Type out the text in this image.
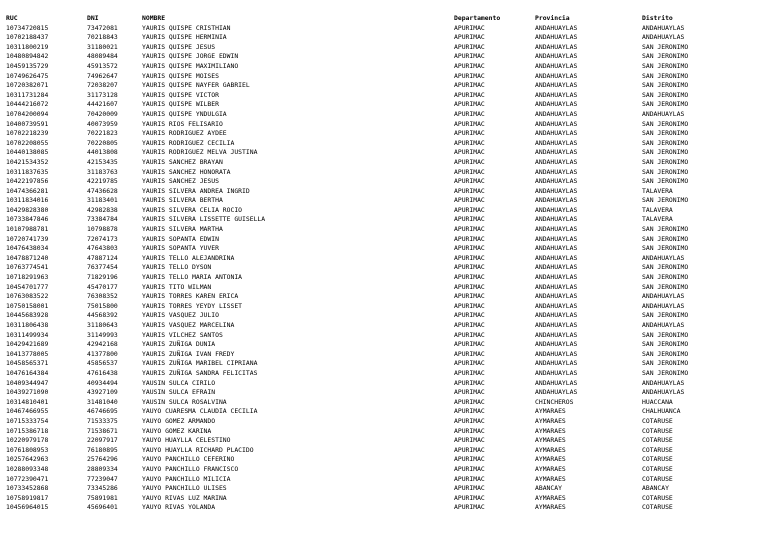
RUC	DNI	NOMBRE	Departamento	Provincia	Distrito
10734720815	73472081	YAURIS QUISPE CRISTHIAN	APURIMAC	ANDAHUAYLAS	ANDAHUAYLAS
10702188437	70218843	YAURIS QUISPE HERMINIA	APURIMAC	ANDAHUAYLAS	ANDAHUAYLAS
10311800219	31180021	YAURIS QUISPE JESUS	APURIMAC	ANDAHUAYLAS	SAN JERONIMO
10480894842	48089484	YAURIS QUISPE JORGE EDWIN	APURIMAC	ANDAHUAYLAS	SAN JERONIMO
10459135729	45913572	YAURIS QUISPE MAXIMILIANO	APURIMAC	ANDAHUAYLAS	SAN JERONIMO
10749626475	74962647	YAURIS QUISPE MOISES	APURIMAC	ANDAHUAYLAS	SAN JERONIMO
10720382071	72038207	YAURIS QUISPE NAYFER GABRIEL	APURIMAC	ANDAHUAYLAS	SAN JERONIMO
10311731284	31173128	YAURIS QUISPE VICTOR	APURIMAC	ANDAHUAYLAS	SAN JERONIMO
10444216072	44421607	YAURIS QUISPE WILBER	APURIMAC	ANDAHUAYLAS	SAN JERONIMO
10704200094	70420009	YAURIS QUISPE YNDULGIA	APURIMAC	ANDAHUAYLAS	ANDAHUAYLAS
10400739591	40073959	YAURIS RIOS FELISARIO	APURIMAC	ANDAHUAYLAS	SAN JERONIMO
10702218239	70221823	YAURIS RODRIGUEZ AYDEE	APURIMAC	ANDAHUAYLAS	SAN JERONIMO
10702208055	70220805	YAURIS RODRIGUEZ CECILIA	APURIMAC	ANDAHUAYLAS	SAN JERONIMO
10440138085	44013808	YAURIS RODRIGUEZ MELVA JUSTINA	APURIMAC	ANDAHUAYLAS	SAN JERONIMO
10421534352	42153435	YAURIS SANCHEZ BRAYAN	APURIMAC	ANDAHUAYLAS	SAN JERONIMO
10311837635	31183763	YAURIS SANCHEZ HONORATA	APURIMAC	ANDAHUAYLAS	SAN JERONIMO
10422197856	42219785	YAURIS SANCHEZ JESUS	APURIMAC	ANDAHUAYLAS	SAN JERONIMO
10474366281	47436628	YAURIS SILVERA ANDREA INGRID	APURIMAC	ANDAHUAYLAS	TALAVERA
10311834016	31183401	YAURIS SILVERA BERTHA	APURIMAC	ANDAHUAYLAS	SAN JERONIMO
10429828380	42982838	YAURIS SILVERA CELIA ROCIO	APURIMAC	ANDAHUAYLAS	TALAVERA
10733847846	73384784	YAURIS SILVERA LISSETTE GUISELLA	APURIMAC	ANDAHUAYLAS	TALAVERA
10107988781	10798878	YAURIS SILVERA MARTHA	APURIMAC	ANDAHUAYLAS	SAN JERONIMO
10720741739	72074173	YAURIS SOPANTA EDWIN	APURIMAC	ANDAHUAYLAS	SAN JERONIMO
10476438034	47643803	YAURIS SOPANTA YUVER	APURIMAC	ANDAHUAYLAS	SAN JERONIMO
10478871240	47887124	YAURIS TELLO ALEJANDRINA	APURIMAC	ANDAHUAYLAS	ANDAHUAYLAS
10763774541	76377454	YAURIS TELLO DYSON	APURIMAC	ANDAHUAYLAS	SAN JERONIMO
10718291963	71829196	YAURIS TELLO MARIA ANTONIA	APURIMAC	ANDAHUAYLAS	SAN JERONIMO
10454701777	45470177	YAURIS TITO WILMAN	APURIMAC	ANDAHUAYLAS	SAN JERONIMO
10763083522	76308352	YAURIS TORRES KAREN ERICA	APURIMAC	ANDAHUAYLAS	ANDAHUAYLAS
10750158001	75015800	YAURIS TORRES YEYDY LISSET	APURIMAC	ANDAHUAYLAS	ANDAHUAYLAS
10445683928	44568392	YAURIS VASQUEZ JULIO	APURIMAC	ANDAHUAYLAS	SAN JERONIMO
10311806438	31180643	YAURIS VASQUEZ MARCELINA	APURIMAC	ANDAHUAYLAS	ANDAHUAYLAS
10311499934	31149993	YAURIS VILCHEZ SANTOS	APURIMAC	ANDAHUAYLAS	SAN JERONIMO
10429421689	42942168	YAURIS ZUÑIGA DUNIA	APURIMAC	ANDAHUAYLAS	SAN JERONIMO
10413778005	41377800	YAURIS ZUÑIGA IVAN FREDY	APURIMAC	ANDAHUAYLAS	SAN JERONIMO
10458565371	45856537	YAURIS ZUÑIGA MARIBEL CIPRIANA	APURIMAC	ANDAHUAYLAS	SAN JERONIMO
10476164384	47616438	YAURIS ZUÑIGA SANDRA FELICITAS	APURIMAC	ANDAHUAYLAS	SAN JERONIMO
10409344947	40934494	YAUSIN SULCA CIRILO	APURIMAC	ANDAHUAYLAS	ANDAHUAYLAS
10439271090	43927109	YAUSIN SULCA EFRAIN	APURIMAC	ANDAHUAYLAS	ANDAHUAYLAS
10314810401	31481040	YAUSIN SULCA ROSALVINA	APURIMAC	CHINCHEROS	HUACCANA
10467466955	46746695	YAUYO CUARESMA CLAUDIA CECILIA	APURIMAC	AYMARAES	CHALHUANCA
10715333754	71533375	YAUYO GOMEZ ARMANDO	APURIMAC	AYMARAES	COTARUSE
10715386718	71538671	YAUYO GOMEZ KARINA	APURIMAC	AYMARAES	COTARUSE
10220979178	22097917	YAUYO HUAYLLA CELESTINO	APURIMAC	AYMARAES	COTARUSE
10761808953	76180895	YAUYO HUAYLLA RICHARD PLACIDO	APURIMAC	AYMARAES	COTARUSE
10257642963	25764296	YAUYO PANCHILLO CEFERINO	APURIMAC	AYMARAES	COTARUSE
10288093348	28809334	YAUYO PANCHILLO FRANCISCO	APURIMAC	AYMARAES	COTARUSE
10772390471	77239047	YAUYO PANCHILLO MILICIA	APURIMAC	AYMARAES	COTARUSE
10733452868	73345286	YAUYO PANCHILLO ULISES	APURIMAC	ABANCAY	ABANCAY
10758919817	75891981	YAUYO RIVAS LUZ MARINA	APURIMAC	AYMARAES	COTARUSE
10456964015	45696401	YAUYO RIVAS YOLANDA	APURIMAC	AYMARAES	COTARUSE
